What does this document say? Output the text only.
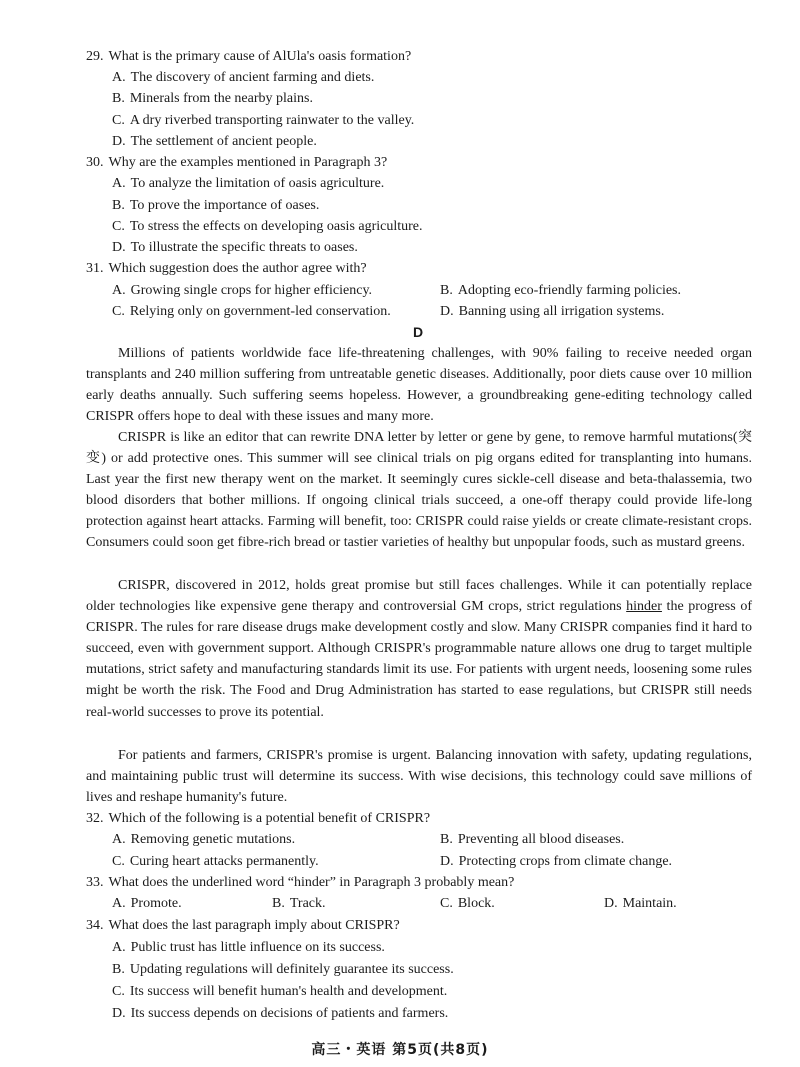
29. What is the primary cause of AlUla's oasis formation?
A. The discovery of ancient farming and diets.
B. Minerals from the nearby plains.
C. A dry riverbed transporting rainwater to the valley.
D. The settlement of ancient people.
30. Why are the examples mentioned in Paragraph 3?
A. To analyze the limitation of oasis agriculture.
B. To prove the importance of oases.
C. To stress the effects on developing oasis agriculture.
D. To illustrate the specific threats to oases.
31. Which suggestion does the author agree with?
A. Growing single crops for higher efficiency.	B. Adopting eco-friendly farming policies.
C. Relying only on government-led conservation.	D. Banning using all irrigation systems.
D

Millions of patients worldwide face life-threatening challenges, with 90% failing to receive needed organ transplants and 240 million suffering from untreatable genetic diseases. Additionally, poor diets cause over 10 million early deaths annually. Such suffering seems hopeless. However, a groundbreaking gene-editing technology called CRISPR offers hope to deal with these issues and many more.

CRISPR is like an editor that can rewrite DNA letter by letter or gene by gene, to remove harmful mutations(突变) or add protective ones. This summer will see clinical trials on pig organs edited for transplanting into humans. Last year the first new therapy went on the market. It seemingly cures sickle-cell disease and beta-thalassemia, two blood disorders that bother millions. If ongoing clinical trials succeed, a one-off therapy could provide life-long protection against heart attacks. Farming will benefit, too: CRISPR could raise yields or create climate-resistant crops. Consumers could soon get fibre-rich bread or tastier varieties of healthy but unpopular foods, such as mustard greens.

CRISPR, discovered in 2012, holds great promise but still faces challenges. While it can potentially replace older technologies like expensive gene therapy and controversial GM crops, strict regulations hinder the progress of CRISPR. The rules for rare disease drugs make development costly and slow. Many CRISPR companies find it hard to succeed, even with government support. Although CRISPR's programmable nature allows one drug to target multiple mutations, strict safety and manufacturing standards limit its use. For patients with urgent needs, loosening some rules might be worth the risk. The Food and Drug Administration has started to ease regulations, but CRISPR still needs real-world successes to prove its potential.

For patients and farmers, CRISPR's promise is urgent. Balancing innovation with safety, updating regulations, and maintaining public trust will determine its success. With wise decisions, this technology could save millions of lives and reshape humanity's future.

32. Which of the following is a potential benefit of CRISPR?
A. Removing genetic mutations.	B. Preventing all blood diseases.
C. Curing heart attacks permanently.	D. Protecting crops from climate change.
33. What does the underlined word “hinder” in Paragraph 3 probably mean?
A. Promote.	B. Track.	C. Block.	D. Maintain.
34. What does the last paragraph imply about CRISPR?
A. Public trust has little influence on its success.
B. Updating regulations will definitely guarantee its success.
C. Its success will benefit human's health and development.
D. Its success depends on decisions of patients and farmers.
高三・英语 第5页(共8页)
